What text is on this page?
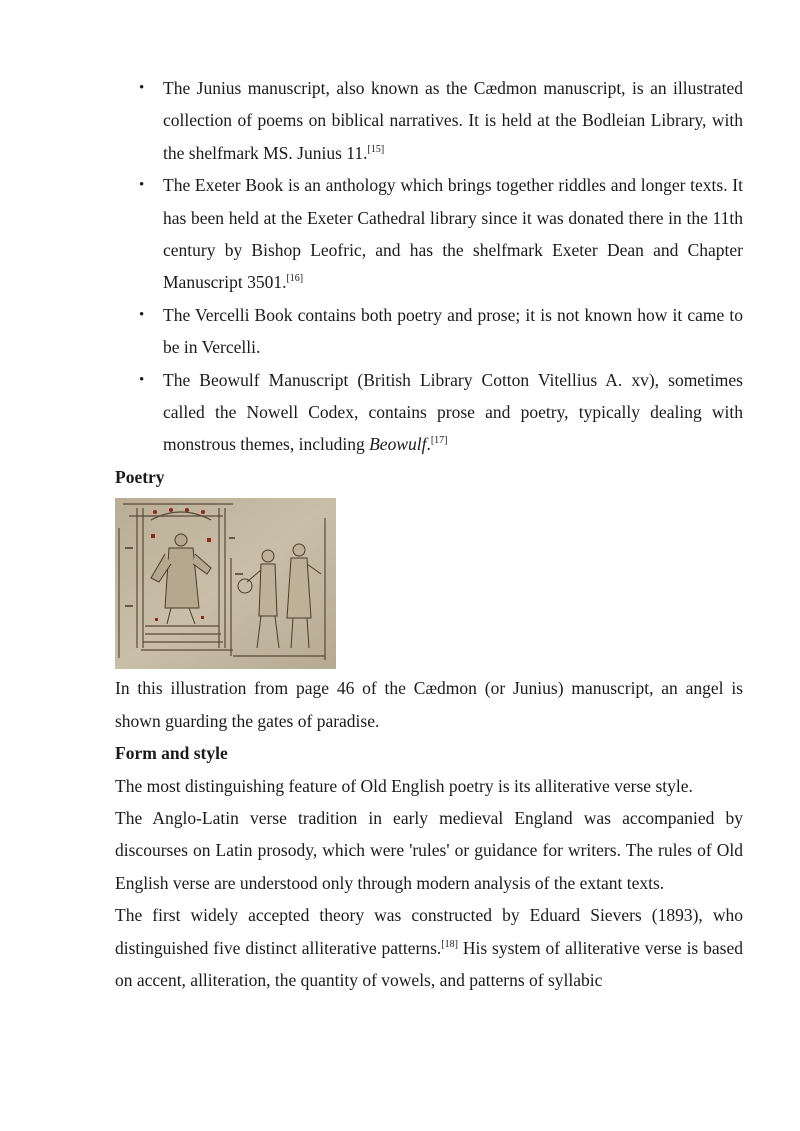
• The Junius manuscript, also known as the Cædmon manuscript, is an illustrated collection of poems on biblical narratives. It is held at the Bodleian Library, with the shelfmark MS. Junius 11.[15]
• The Exeter Book is an anthology which brings together riddles and longer texts. It has been held at the Exeter Cathedral library since it was donated there in the 11th century by Bishop Leofric, and has the shelfmark Exeter Dean and Chapter Manuscript 3501.[16]
• The Vercelli Book contains both poetry and prose; it is not known how it came to be in Vercelli.
• The Beowulf Manuscript (British Library Cotton Vitellius A. xv), sometimes called the Nowell Codex, contains prose and poetry, typically dealing with monstrous themes, including Beowulf.[17]

Poetry

In this illustration from page 46 of the Cædmon (or Junius) manuscript, an angel is shown guarding the gates of paradise.

Form and style

The most distinguishing feature of Old English poetry is its alliterative verse style.

The Anglo-Latin verse tradition in early medieval England was accompanied by discourses on Latin prosody, which were 'rules' or guidance for writers. The rules of Old English verse are understood only through modern analysis of the extant texts.

The first widely accepted theory was constructed by Eduard Sievers (1893), who distinguished five distinct alliterative patterns.[18] His system of alliterative verse is based on accent, alliteration, the quantity of vowels, and patterns of syllabic
